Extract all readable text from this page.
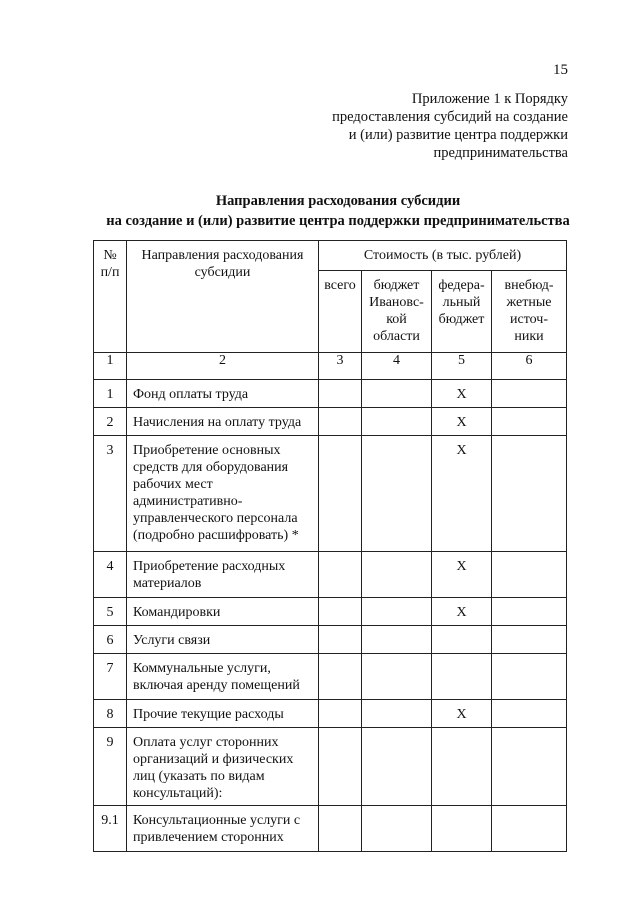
15
Приложение 1 к Порядку
предоставления субсидий на создание
и (или) развитие центра поддержки
предпринимательства
Направления расходования субсидии
на создание и (или) развитие центра поддержки предпринимательства
№ п/п	Направления расходования субсидии	Стоимость (в тыс. рублей)			
		всего	бюджет Ивановс-кой области	федера-льный бюджет	внебюд-жетные источ-ники

1	2	3	4	5	6
1	Фонд оплаты труда			Х	
2	Начисления на оплату труда			Х	
3	Приобретение основных средств для оборудования рабочих мест административно-управленческого персонала (подробно расшифровать) *			Х	
4	Приобретение расходных материалов			Х	
5	Командировки			Х	
6	Услуги связи				
7	Коммунальные услуги, включая аренду помещений				
8	Прочие текущие расходы			Х	
9	Оплата услуг сторонних организаций и физических лиц (указать по видам консультаций):				
9.1	Консультационные услуги с привлечением сторонних				
